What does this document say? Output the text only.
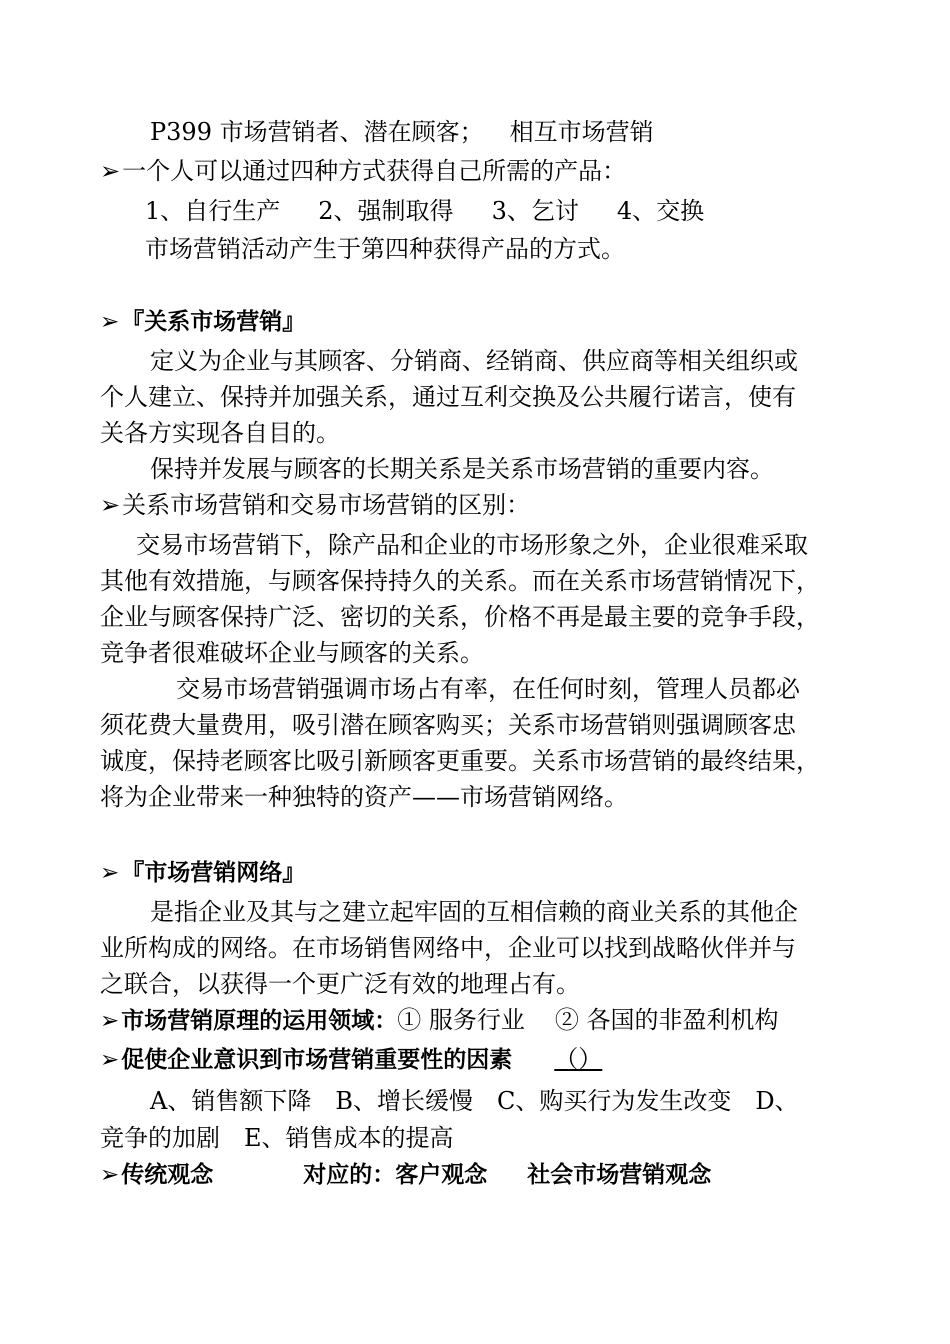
P399 市场营销者、潜在顾客； 相互市场营销
➢一个人可以通过四种方式获得自己所需的产品：
1、自行生产 2、强制取得 3、乞讨 4、交换
市场营销活动产生于第四种获得产品的方式。
➢『关系市场营销』
定义为企业与其顾客、分销商、经销商、供应商等相关组织或
个人建立、保持并加强关系，通过互利交换及公共履行诺言，使有
关各方实现各自目的。
保持并发展与顾客的长期关系是关系市场营销的重要内容。
➢关系市场营销和交易市场营销的区别：
交易市场营销下，除产品和企业的市场形象之外，企业很难采取
其他有效措施，与顾客保持持久的关系。而在关系市场营销情况下，
企业与顾客保持广泛、密切的关系，价格不再是最主要的竞争手段，
竞争者很难破坏企业与顾客的关系。
交易市场营销强调市场占有率，在任何时刻，管理人员都必
须花费大量费用，吸引潜在顾客购买；关系市场营销则强调顾客忠
诚度，保持老顾客比吸引新顾客更重要。关系市场营销的最终结果，
将为企业带来一种独特的资产——市场营销网络。
➢『市场营销网络』
是指企业及其与之建立起牢固的互相信赖的商业关系的其他企
业所构成的网络。在市场销售网络中，企业可以找到战略伙伴并与
之联合，以获得一个更广泛有效的地理占有。
➢市场营销原理的运用领域：① 服务行业 ② 各国的非盈利机构
➢促使企业意识到市场营销重要性的因素 （）
A、销售额下降 B、增长缓慢 C、购买行为发生改变 D、
竞争的加剧 E、销售成本的提高
➢传统观念	对应的：客户观念 社会市场营销观念
